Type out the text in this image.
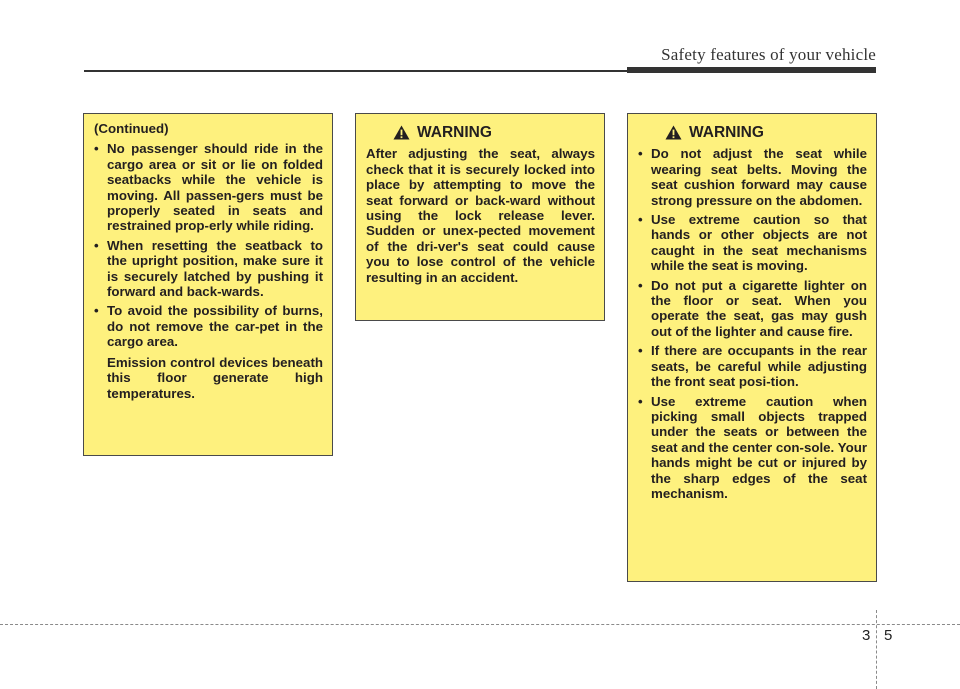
Safety features of your vehicle
(Continued)
• No passenger should ride in the cargo area or sit or lie on folded seatbacks while the vehicle is moving. All passen-gers must be properly seated in seats and restrained prop-erly while riding.
• When resetting the seatback to the upright position, make sure it is securely latched by pushing it forward and back-wards.
• To avoid the possibility of burns, do not remove the car-pet in the cargo area.
Emission control devices beneath this floor generate high temperatures.
WARNING
After adjusting the seat, always check that it is securely locked into place by attempting to move the seat forward or back-ward without using the lock release lever. Sudden or unex-pected movement of the dri-ver's seat could cause you to lose control of the vehicle resulting in an accident.
WARNING
• Do not adjust the seat while wearing seat belts. Moving the seat cushion forward may cause strong pressure on the abdomen.
• Use extreme caution so that hands or other objects are not caught in the seat mechanisms while the seat is moving.
• Do not put a cigarette lighter on the floor or seat. When you operate the seat, gas may gush out of the lighter and cause fire.
• If there are occupants in the rear seats, be careful while adjusting the front seat posi-tion.
• Use extreme caution when picking small objects trapped under the seats or between the seat and the center con-sole. Your hands might be cut or injured by the sharp edges of the seat mechanism.
3 5
